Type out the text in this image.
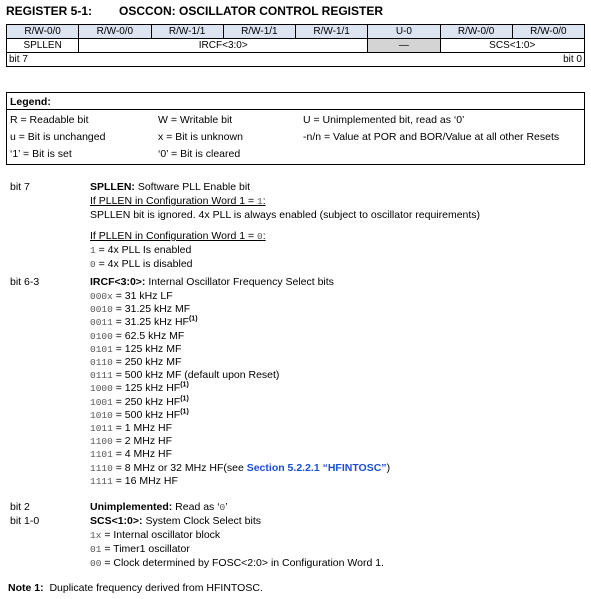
REGISTER 5-1: OSCCON: OSCILLATOR CONTROL REGISTER
R/W-0/0	R/W-0/0	R/W-1/1	R/W-1/1	R/W-1/1	U-0	R/W-0/0	R/W-0/0
SPLLEN	IRCF<3:0>				—	SCS<1:0>	
bit 7 bit 0							
Legend:
R = Readable bit	W = Writable bit	U = Unimplemented bit, read as ‘0’
u = Bit is unchanged	x = Bit is unknown	-n/n = Value at POR and BOR/Value at all other Resets
‘1’ = Bit is set	‘0’ = Bit is cleared
bit 7	SPLLEN: Software PLL Enable bit
If PLLEN in Configuration Word 1 = 1:
SPLLEN bit is ignored. 4x PLL is always enabled (subject to oscillator requirements)
If PLLEN in Configuration Word 1 = 0:
1 = 4x PLL Is enabled
0 = 4x PLL is disabled
bit 6-3	IRCF<3:0>: Internal Oscillator Frequency Select bits
000x = 31 kHz LF
0010 = 31.25 kHz MF
0011 = 31.25 kHz HF$^{(1)}$
0100 = 62.5 kHz MF
0101 = 125 kHz MF
0110 = 250 kHz MF
0111 = 500 kHz MF (default upon Reset)
1000 = 125 kHz HF$^{(1)}$
1001 = 250 kHz HF$^{(1)}$
1010 = 500 kHz HF$^{(1)}$
1011 = 1 MHz HF
1100 = 2 MHz HF
1101 = 4 MHz HF
1110 = 8 MHz or 32 MHz HF(see Section 5.2.2.1 “HFINTOSC”)
1111 = 16 MHz HF
bit 2	Unimplemented: Read as ‘0’
bit 1-0	SCS<1:0>: System Clock Select bits
1x = Internal oscillator block
01 = Timer1 oscillator
00 = Clock determined by FOSC<2:0> in Configuration Word 1.
Note 1: Duplicate frequency derived from HFINTOSC.
